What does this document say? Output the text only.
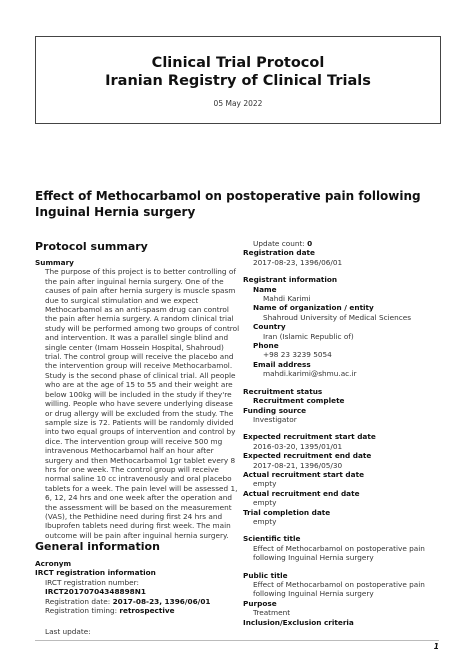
Clinical Trial Protocol
Iranian Registry of Clinical Trials
05 May 2022
Effect of Methocarbamol on postoperative pain following Inguinal Hernia surgery
Protocol summary
Summary
The purpose of this project is to better controlling of the pain after inguinal hernia surgery. One of the causes of pain after hernia surgery is muscle spasm due to surgical stimulation and we expect Methocarbamol as an anti-spasm drug can control the pain after hernia surgery. A random clinical trial study will be performed among two groups of control and intervention. It was a parallel single blind and single center (Imam Hossein Hospital, Shahroud) trial. The control group will receive the placebo and the intervention group will receive Methocarbamol. Study is the second phase of clinical trial. All people who are at the age of 15 to 55 and their weight are below 100kg will be included in the study if they're willing. People who have severe underlying disease or drug allergy will be excluded from the study. The sample size is 72. Patients will be randomly divided into two equal groups of intervention and control by dice. The intervention group will receive 500 mg intravenous Methocarbamol half an hour after surgery and then Methocarbamol 1gr tablet every 8 hrs for one week. The control group will receive normal saline 10 cc intravenously and oral placebo tablets for a week. The pain level will be assessed 1, 6, 12, 24 hrs and one week after the operation and the assessment will be based on the measurement (VAS), the Pethidine need during first 24 hrs and Ibuprofen tablets need during first week. The main outcome will be pain after inguinal hernia surgery.
General information
Acronym
IRCT registration information
IRCT registration number: IRCT20170704348898N1
Registration date: 2017-08-23, 1396/06/01
Registration timing: retrospective
Last update:
Update count: 0
Registration date
2017-08-23, 1396/06/01
Registrant information
Name
Mahdi Karimi
Name of organization / entity
Shahroud University of Medical Sciences
Country
Iran (Islamic Republic of)
Phone
+98 23 3239 5054
Email address
mahdi.karimi@shmu.ac.ir
Recruitment status
Recruitment complete
Funding source
Investigator
Expected recruitment start date
2016-03-20, 1395/01/01
Expected recruitment end date
2017-08-21, 1396/05/30
Actual recruitment start date
empty
Actual recruitment end date
empty
Trial completion date
empty
Scientific title
Effect of Methocarbamol on postoperative pain following Inguinal Hernia surgery
Public title
Effect of Methocarbamol on postoperative pain following Inguinal Hernia surgery
Purpose
Treatment
Inclusion/Exclusion criteria
1
